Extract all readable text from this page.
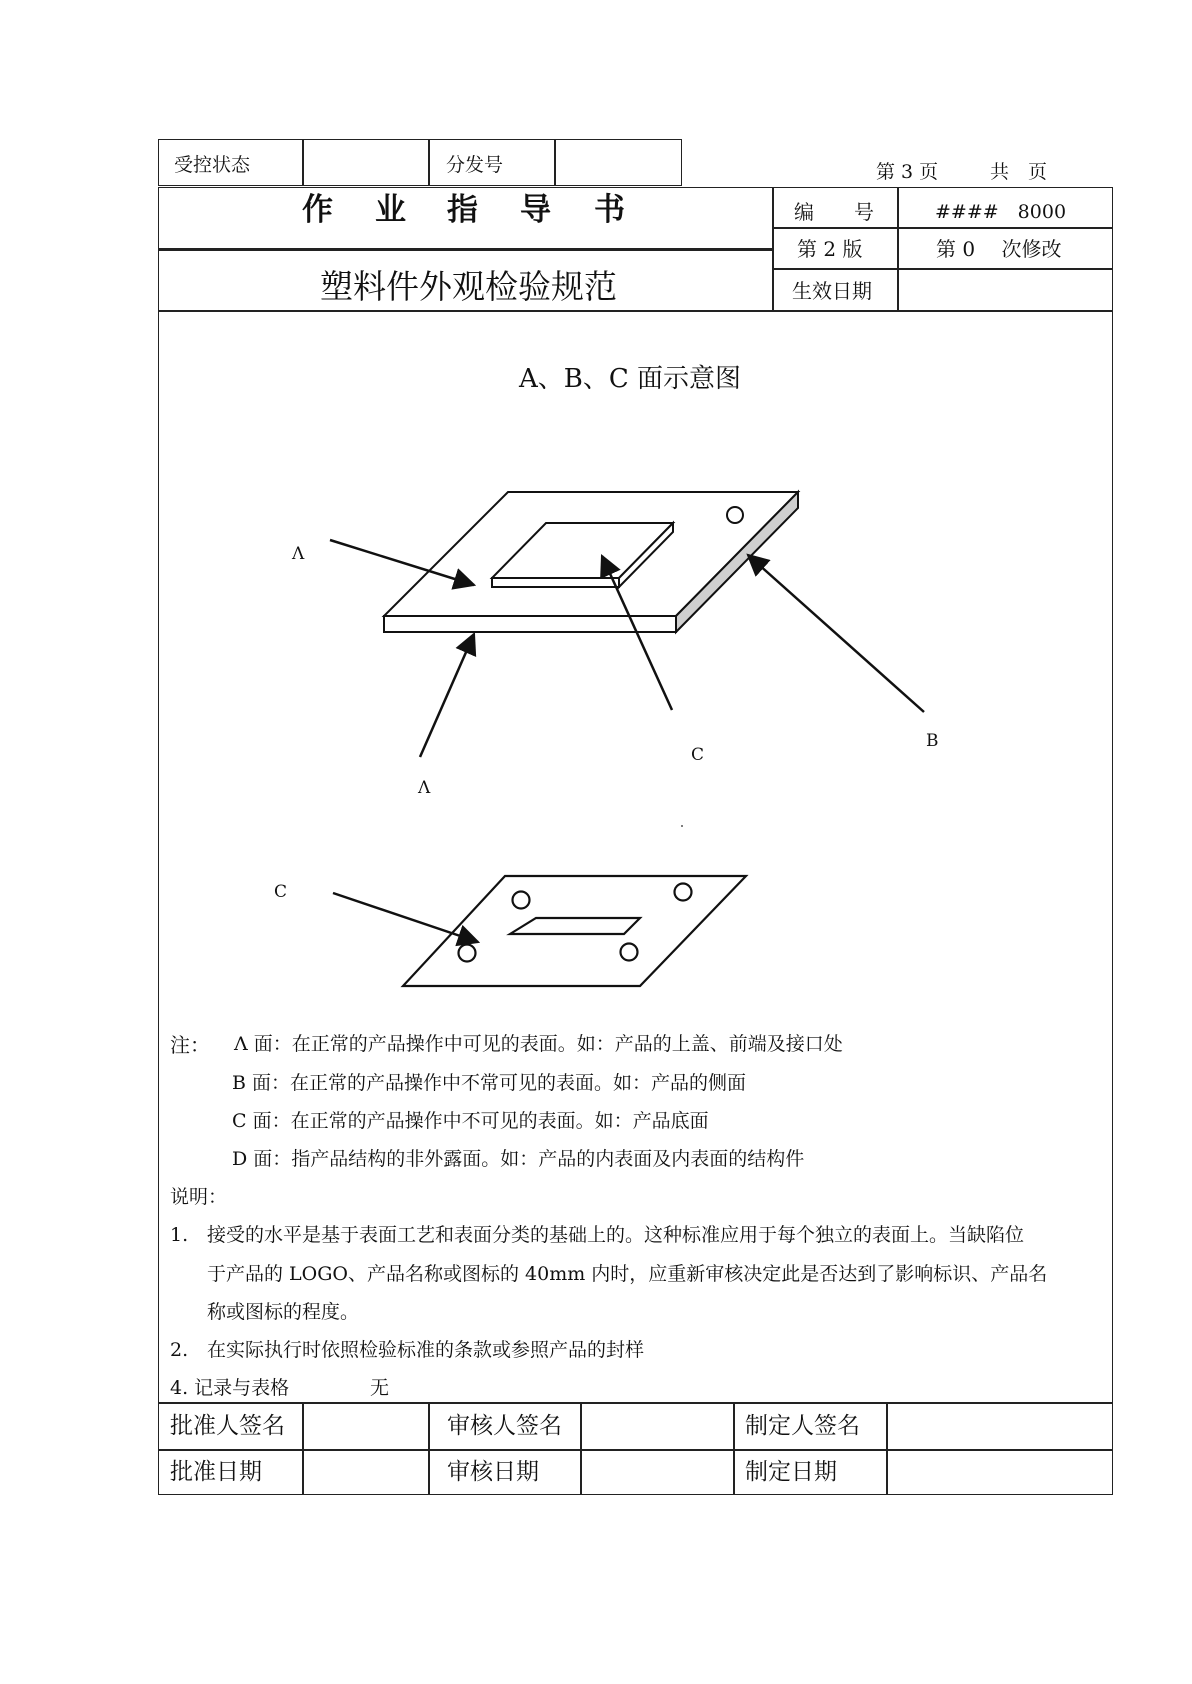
受控状态	分发号	第 3 页	共　页
作 业 指 导 书	编　　号	####　8000
第 2 版	第 0　 次修改
塑料件外观检验规范	生效日期
A、B、C 面示意图
Λ
Λ
C
B
C
注： Λ 面：在正常的产品操作中可见的表面。如：产品的上盖、前端及接口处
B 面：在正常的产品操作中不常可见的表面。如：产品的侧面
C 面：在正常的产品操作中不可见的表面。如：产品底面
D 面：指产品结构的非外露面。如：产品的内表面及内表面的结构件
说明：
1. 接受的水平是基于表面工艺和表面分类的基础上的。这种标准应用于每个独立的表面上。当缺陷位
于产品的 LOGO、产品名称或图标的 40mm 内时，应重新审核决定此是否达到了影响标识、产品名
称或图标的程度。
2. 在实际执行时依照检验标准的条款或参照产品的封样
4. 记录与表格	无
批准人签名	审核人签名	制定人签名
批准日期	审核日期	制定日期
